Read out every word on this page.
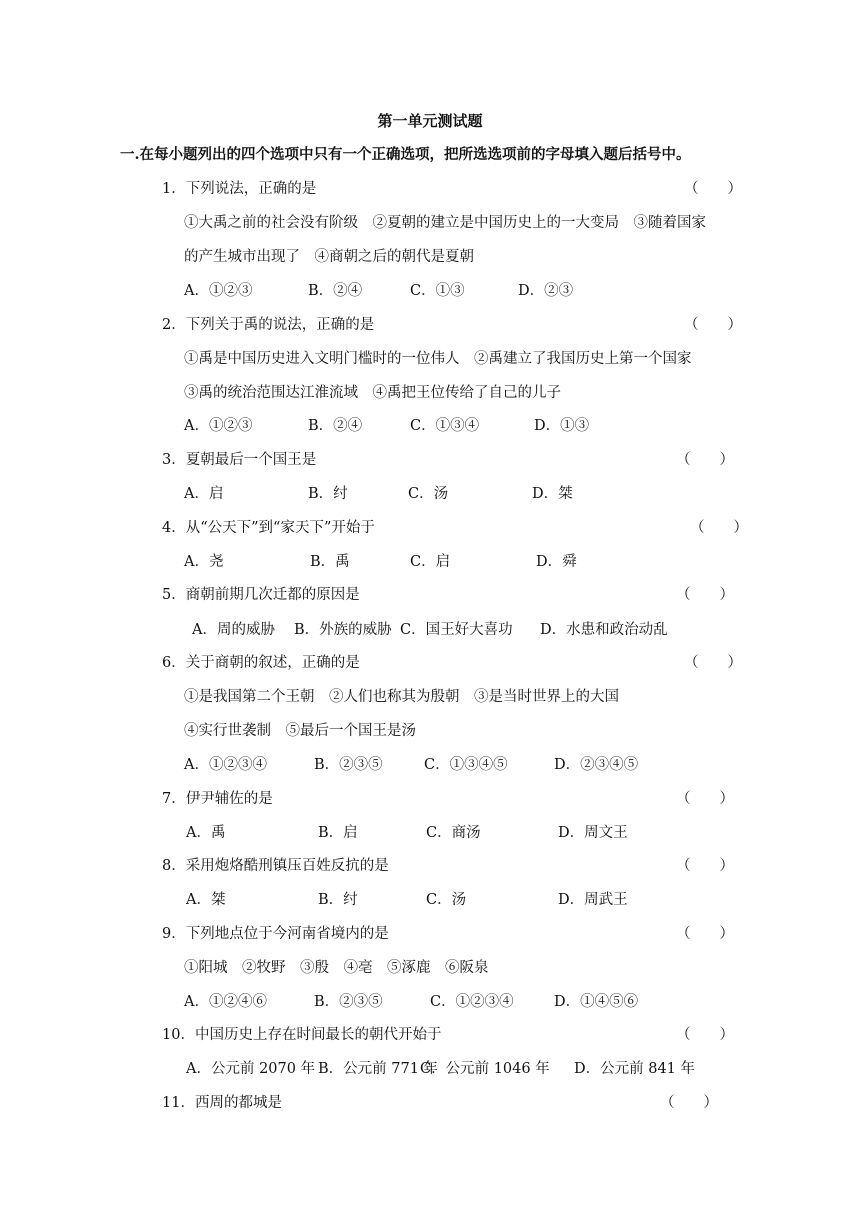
第一单元测试题
一.在每小题列出的四个选项中只有一个正确选项，把所选选项前的字母填入题后括号中。
1．下列说法，正确的是	（　　）
①大禹之前的社会没有阶级　②夏朝的建立是中国历史上的一大变局　③随着国家
的产生城市出现了　④商朝之后的朝代是夏朝
A．①②③	B．②④	C．①③	D．②③
2．下列关于禹的说法，正确的是	（　　）
①禹是中国历史进入文明门槛时的一位伟人　②禹建立了我国历史上第一个国家
③禹的统治范围达江淮流域　④禹把王位传给了自己的儿子
A．①②③	B．②④	C．①③④	D．①③
3．夏朝最后一个国王是	（　　）
A．启	B．纣	C．汤	D．桀
4．从“公天下”到“家天下”开始于	（　　）
A．尧	B．禹	C．启	D．舜
5．商朝前期几次迁都的原因是	（　　）
A．周的威胁 B．外族的威胁 C．国王好大喜功 D．水患和政治动乱
6．关于商朝的叙述，正确的是	（　　）
①是我国第二个王朝　②人们也称其为殷朝　③是当时世界上的大国
④实行世袭制　⑤最后一个国王是汤
A．①②③④	B．②③⑤	C．①③④⑤	D．②③④⑤
7．伊尹辅佐的是	（　　）
A．禹	B．启	C．商汤	D．周文王
8．采用炮烙酷刑镇压百姓反抗的是	（　　）
A．桀	B．纣	C．汤	D．周武王
9．下列地点位于今河南省境内的是	（　　）
①阳城　②牧野　③殷　④亳　⑤涿鹿　⑥阪泉
A．①②④⑥	B．②③⑤	C．①②③④	D．①④⑤⑥
10．中国历史上存在时间最长的朝代开始于	（　　）
A．公元前 2070 年 B．公元前 771 年
C．公元前 1046 年 D．公元前 841 年
11．西周的都城是	（　　）
